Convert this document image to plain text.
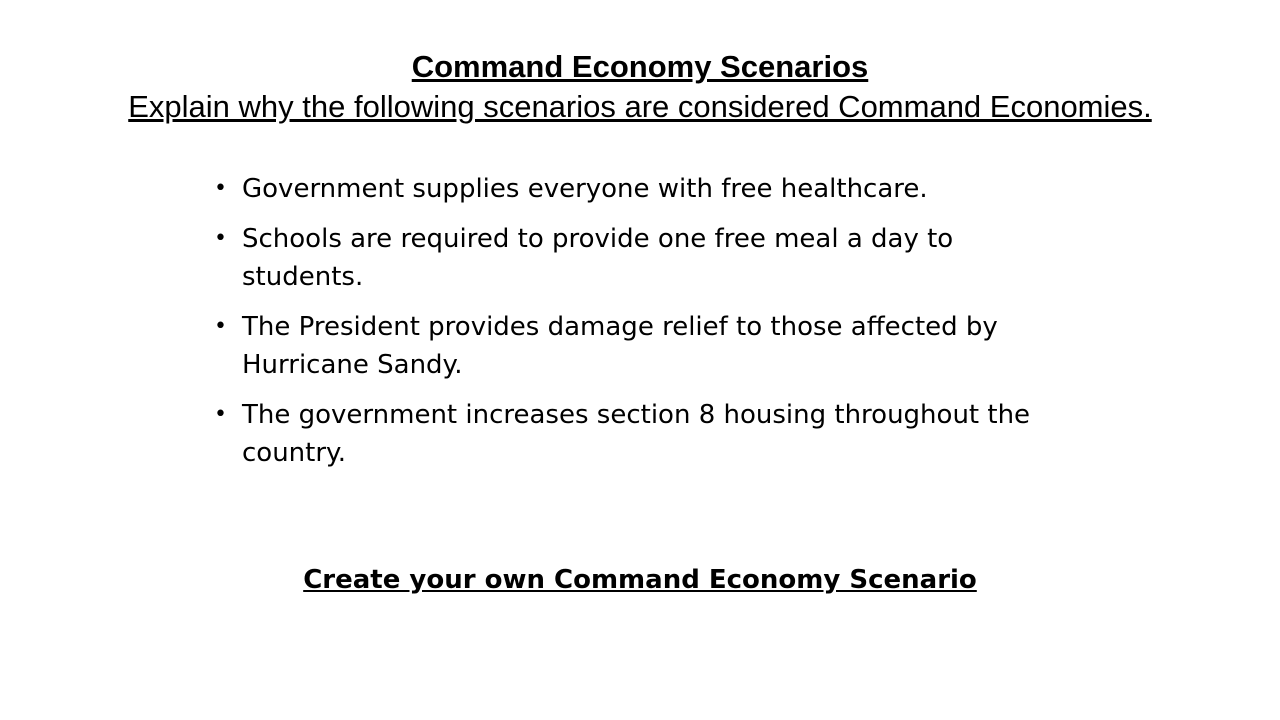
Command Economy Scenarios

Explain why the following scenarios are considered Command Economies.

• Government supplies everyone with free healthcare.
• Schools are required to provide one free meal a day to students.
• The President provides damage relief to those affected by Hurricane Sandy.
• The government increases section 8 housing throughout the country.
Create your own Command Economy Scenario
